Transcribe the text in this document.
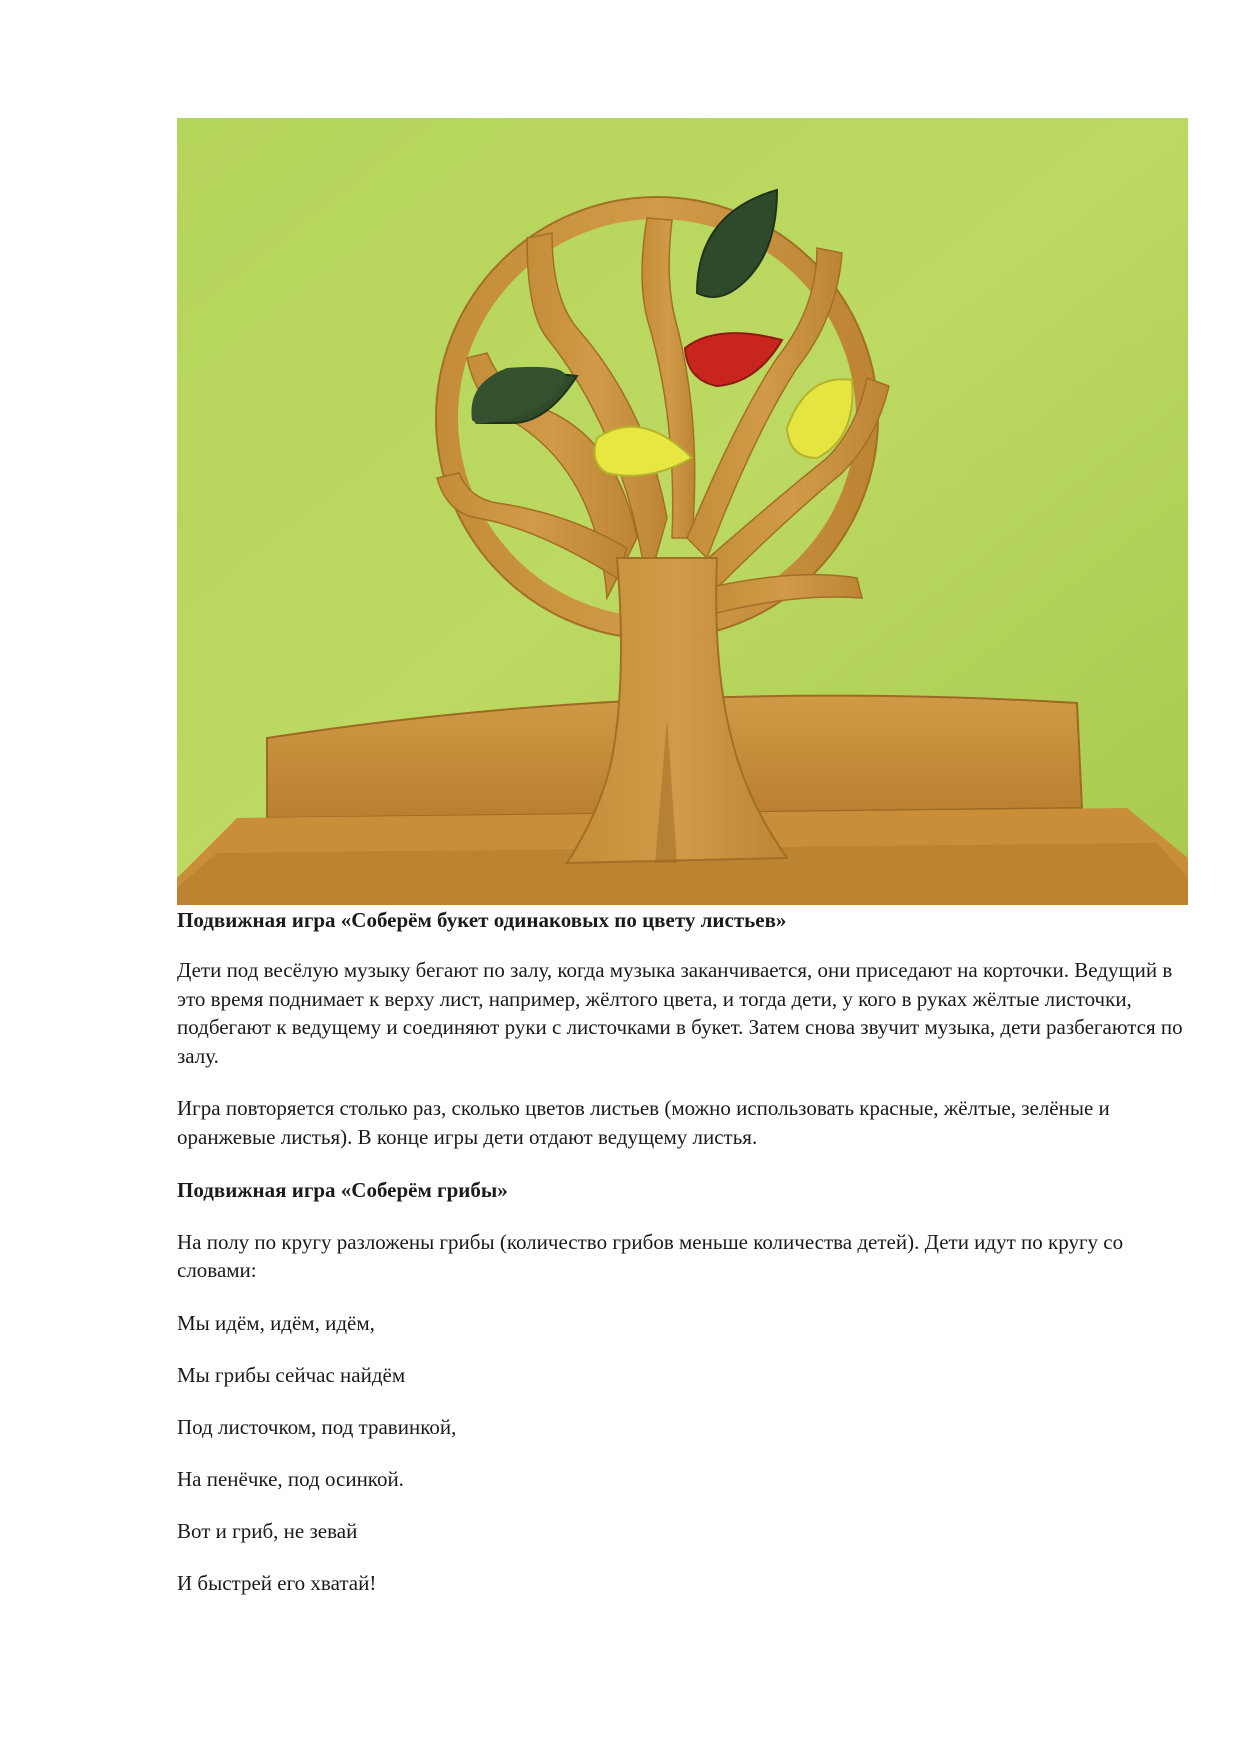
Подвижная игра «Соберём букет одинаковых по цвету листьев»

Дети под весёлую музыку бегают по залу, когда музыка заканчивается, они приседают на корточки. Ведущий в это время поднимает к верху лист, например, жёлтого цвета, и тогда дети, у кого в руках жёлтые листочки, подбегают к ведущему и соединяют руки с листочками в букет. Затем снова звучит музыка, дети разбегаются по залу.

Игра повторяется столько раз, сколько цветов листьев (можно использовать красные, жёлтые, зелёные и оранжевые листья). В конце игры дети отдают ведущему листья.

Подвижная игра «Соберём грибы»

На полу по кругу разложены грибы (количество грибов меньше количества детей). Дети идут по кругу со словами:

Мы идём, идём, идём,

Мы грибы сейчас найдём

Под листочком, под травинкой,

На пенёчке, под осинкой.

Вот и гриб, не зевай

И быстрей его хватай!
